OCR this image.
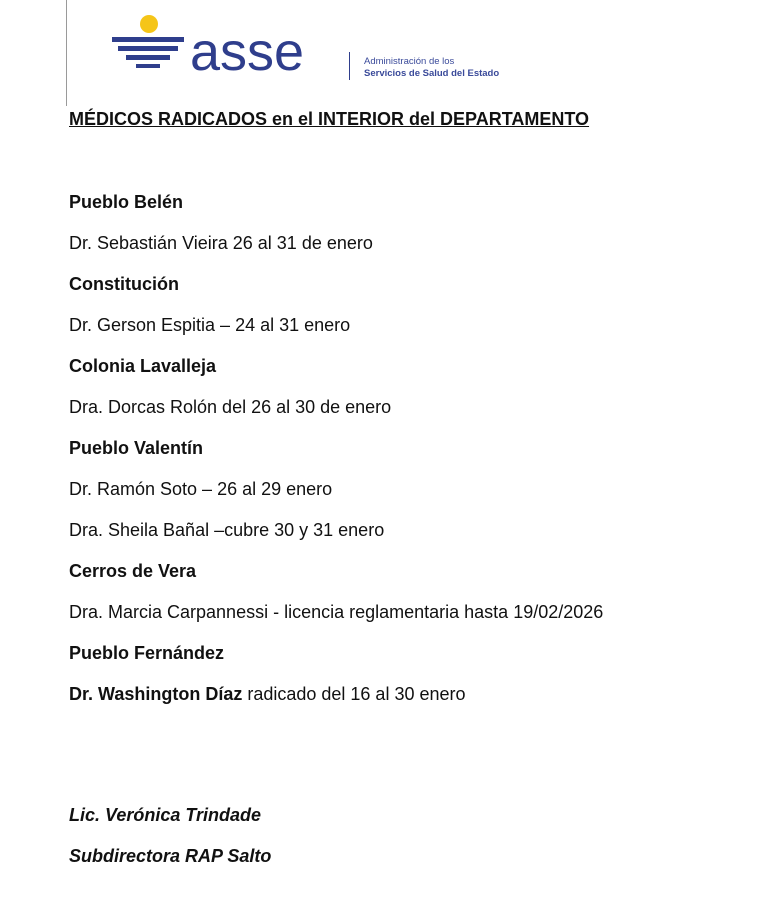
asse	Administración de los
Servicios de Salud del Estado
MÉDICOS RADICADOS en el INTERIOR del DEPARTAMENTO
Pueblo Belén
Dr. Sebastián Vieira 26 al 31 de enero
Constitución
Dr. Gerson Espitia – 24 al 31 enero
Colonia Lavalleja
Dra. Dorcas Rolón del 26 al 30 de enero
Pueblo Valentín
Dr. Ramón Soto – 26 al 29 enero
Dra. Sheila Bañal –cubre 30 y 31 enero
Cerros de Vera
Dra. Marcia Carpannessi - licencia reglamentaria hasta 19/02/2026
Pueblo Fernández
Dr. Washington Díaz radicado del 16 al 30 enero
Lic. Verónica Trindade
Subdirectora RAP Salto
